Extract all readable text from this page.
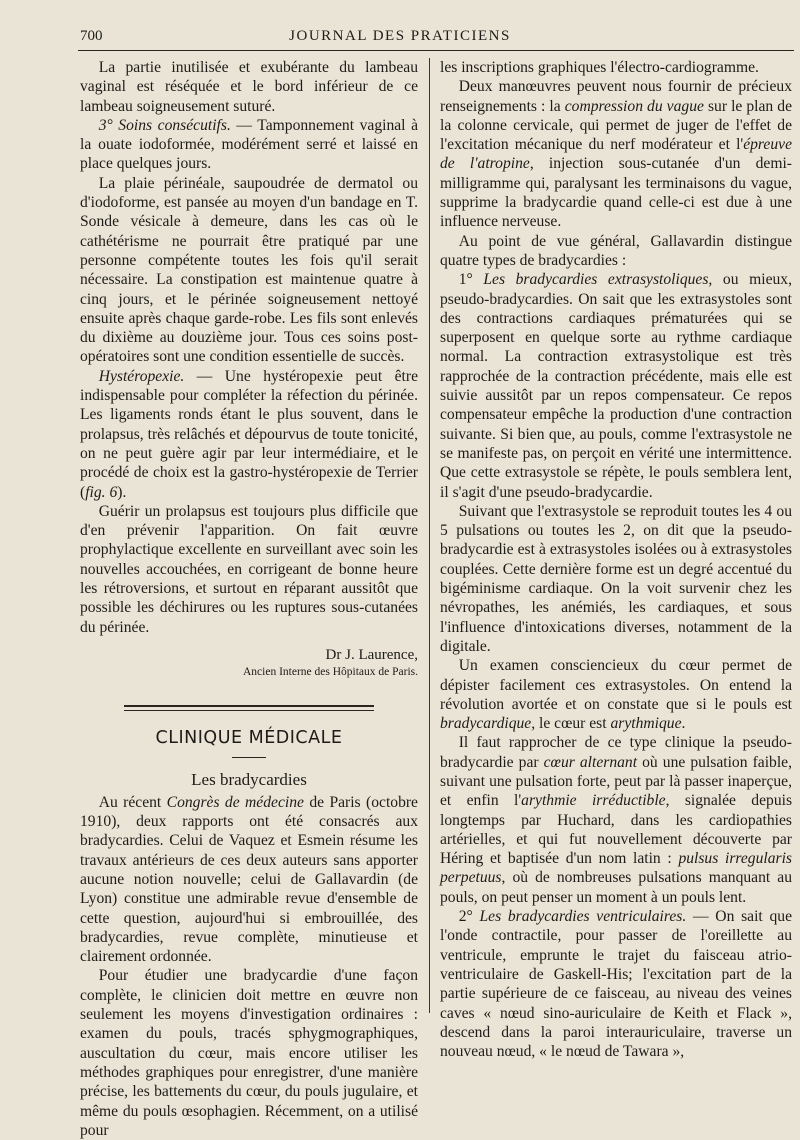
700	JOURNAL DES PRATICIENS

La partie inutilisée et exubérante du lambeau vaginal est réséquée et le bord inférieur de ce lambeau soigneusement suturé.

3° Soins consécutifs. — Tamponnement vaginal à la ouate iodoformée, modérément serré et laissé en place quelques jours.

La plaie périnéale, saupoudrée de dermatol ou d'iodoforme, est pansée au moyen d'un bandage en T. Sonde vésicale à demeure, dans les cas où le cathétérisme ne pourrait être pratiqué par une personne compétente toutes les fois qu'il serait nécessaire. La constipation est maintenue quatre à cinq jours, et le périnée soigneusement nettoyé ensuite après chaque garde-robe. Les fils sont enlevés du dixième au douzième jour. Tous ces soins post-opératoires sont une condition essentielle de succès.

Hystéropexie. — Une hystéropexie peut être indispensable pour compléter la réfection du périnée. Les ligaments ronds étant le plus souvent, dans le prolapsus, très relâchés et dépourvus de toute tonicité, on ne peut guère agir par leur intermédiaire, et le procédé de choix est la gastro-hystéropexie de Terrier (fig. 6).

Guérir un prolapsus est toujours plus difficile que d'en prévenir l'apparition. On fait œuvre prophylactique excellente en surveillant avec soin les nouvelles accouchées, en corrigeant de bonne heure les rétroversions, et surtout en réparant aussitôt que possible les déchirures ou les ruptures sous-cutanées du périnée.

Dr J. Laurence,
Ancien Interne des Hôpitaux de Paris.
CLINIQUE MÉDICALE
Les bradycardies

Au récent Congrès de médecine de Paris (octobre 1910), deux rapports ont été consacrés aux bradycardies. Celui de Vaquez et Esmein résume les travaux antérieurs de ces deux auteurs sans apporter aucune notion nouvelle; celui de Gallavardin (de Lyon) constitue une admirable revue d'ensemble de cette question, aujourd'hui si embrouillée, des bradycardies, revue complète, minutieuse et clairement ordonnée.

Pour étudier une bradycardie d'une façon complète, le clinicien doit mettre en œuvre non seulement les moyens d'investigation ordinaires : examen du pouls, tracés sphygmographiques, auscultation du cœur, mais encore utiliser les méthodes graphiques pour enregistrer, d'une manière précise, les battements du cœur, du pouls jugulaire, et même du pouls œsophagien. Récemment, on a utilisé pour

les inscriptions graphiques l'électro-cardiogramme.

Deux manœuvres peuvent nous fournir de précieux renseignements : la compression du vague sur le plan de la colonne cervicale, qui permet de juger de l'effet de l'excitation mécanique du nerf modérateur et l'épreuve de l'atropine, injection sous-cutanée d'un demi-milligramme qui, paralysant les terminaisons du vague, supprime la bradycardie quand celle-ci est due à une influence nerveuse.

Au point de vue général, Gallavardin distingue quatre types de bradycardies :

1° Les bradycardies extrasystoliques, ou mieux, pseudo-bradycardies. On sait que les extrasystoles sont des contractions cardiaques prématurées qui se superposent en quelque sorte au rythme cardiaque normal. La contraction extrasystolique est très rapprochée de la contraction précédente, mais elle est suivie aussitôt par un repos compensateur. Ce repos compensateur empêche la production d'une contraction suivante. Si bien que, au pouls, comme l'extrasystole ne se manifeste pas, on perçoit en vérité une intermittence. Que cette extrasystole se répète, le pouls semblera lent, il s'agit d'une pseudo-bradycardie.

Suivant que l'extrasystole se reproduit toutes les 4 ou 5 pulsations ou toutes les 2, on dit que la pseudo-bradycardie est à extrasystoles isolées ou à extrasystoles couplées. Cette dernière forme est un degré accentué du bigéminisme cardiaque. On la voit survenir chez les névropathes, les anémiés, les cardiaques, et sous l'influence d'intoxications diverses, notamment de la digitale.

Un examen consciencieux du cœur permet de dépister facilement ces extrasystoles. On entend la révolution avortée et on constate que si le pouls est bradycardique, le cœur est arythmique.

Il faut rapprocher de ce type clinique la pseudo-bradycardie par cœur alternant où une pulsation faible, suivant une pulsation forte, peut par là passer inaperçue, et enfin l'arythmie irréductible, signalée depuis longtemps par Huchard, dans les cardiopathies artérielles, et qui fut nouvellement découverte par Héring et baptisée d'un nom latin : pulsus irregularis perpetuus, où de nombreuses pulsations manquant au pouls, on peut penser un moment à un pouls lent.

2° Les bradycardies ventriculaires. — On sait que l'onde contractile, pour passer de l'oreillette au ventricule, emprunte le trajet du faisceau atrio-ventriculaire de Gaskell-His; l'excitation part de la partie supérieure de ce faisceau, au niveau des veines caves « nœud sino-auriculaire de Keith et Flack », descend dans la paroi interauriculaire, traverse un nouveau nœud, « le nœud de Tawara »,
